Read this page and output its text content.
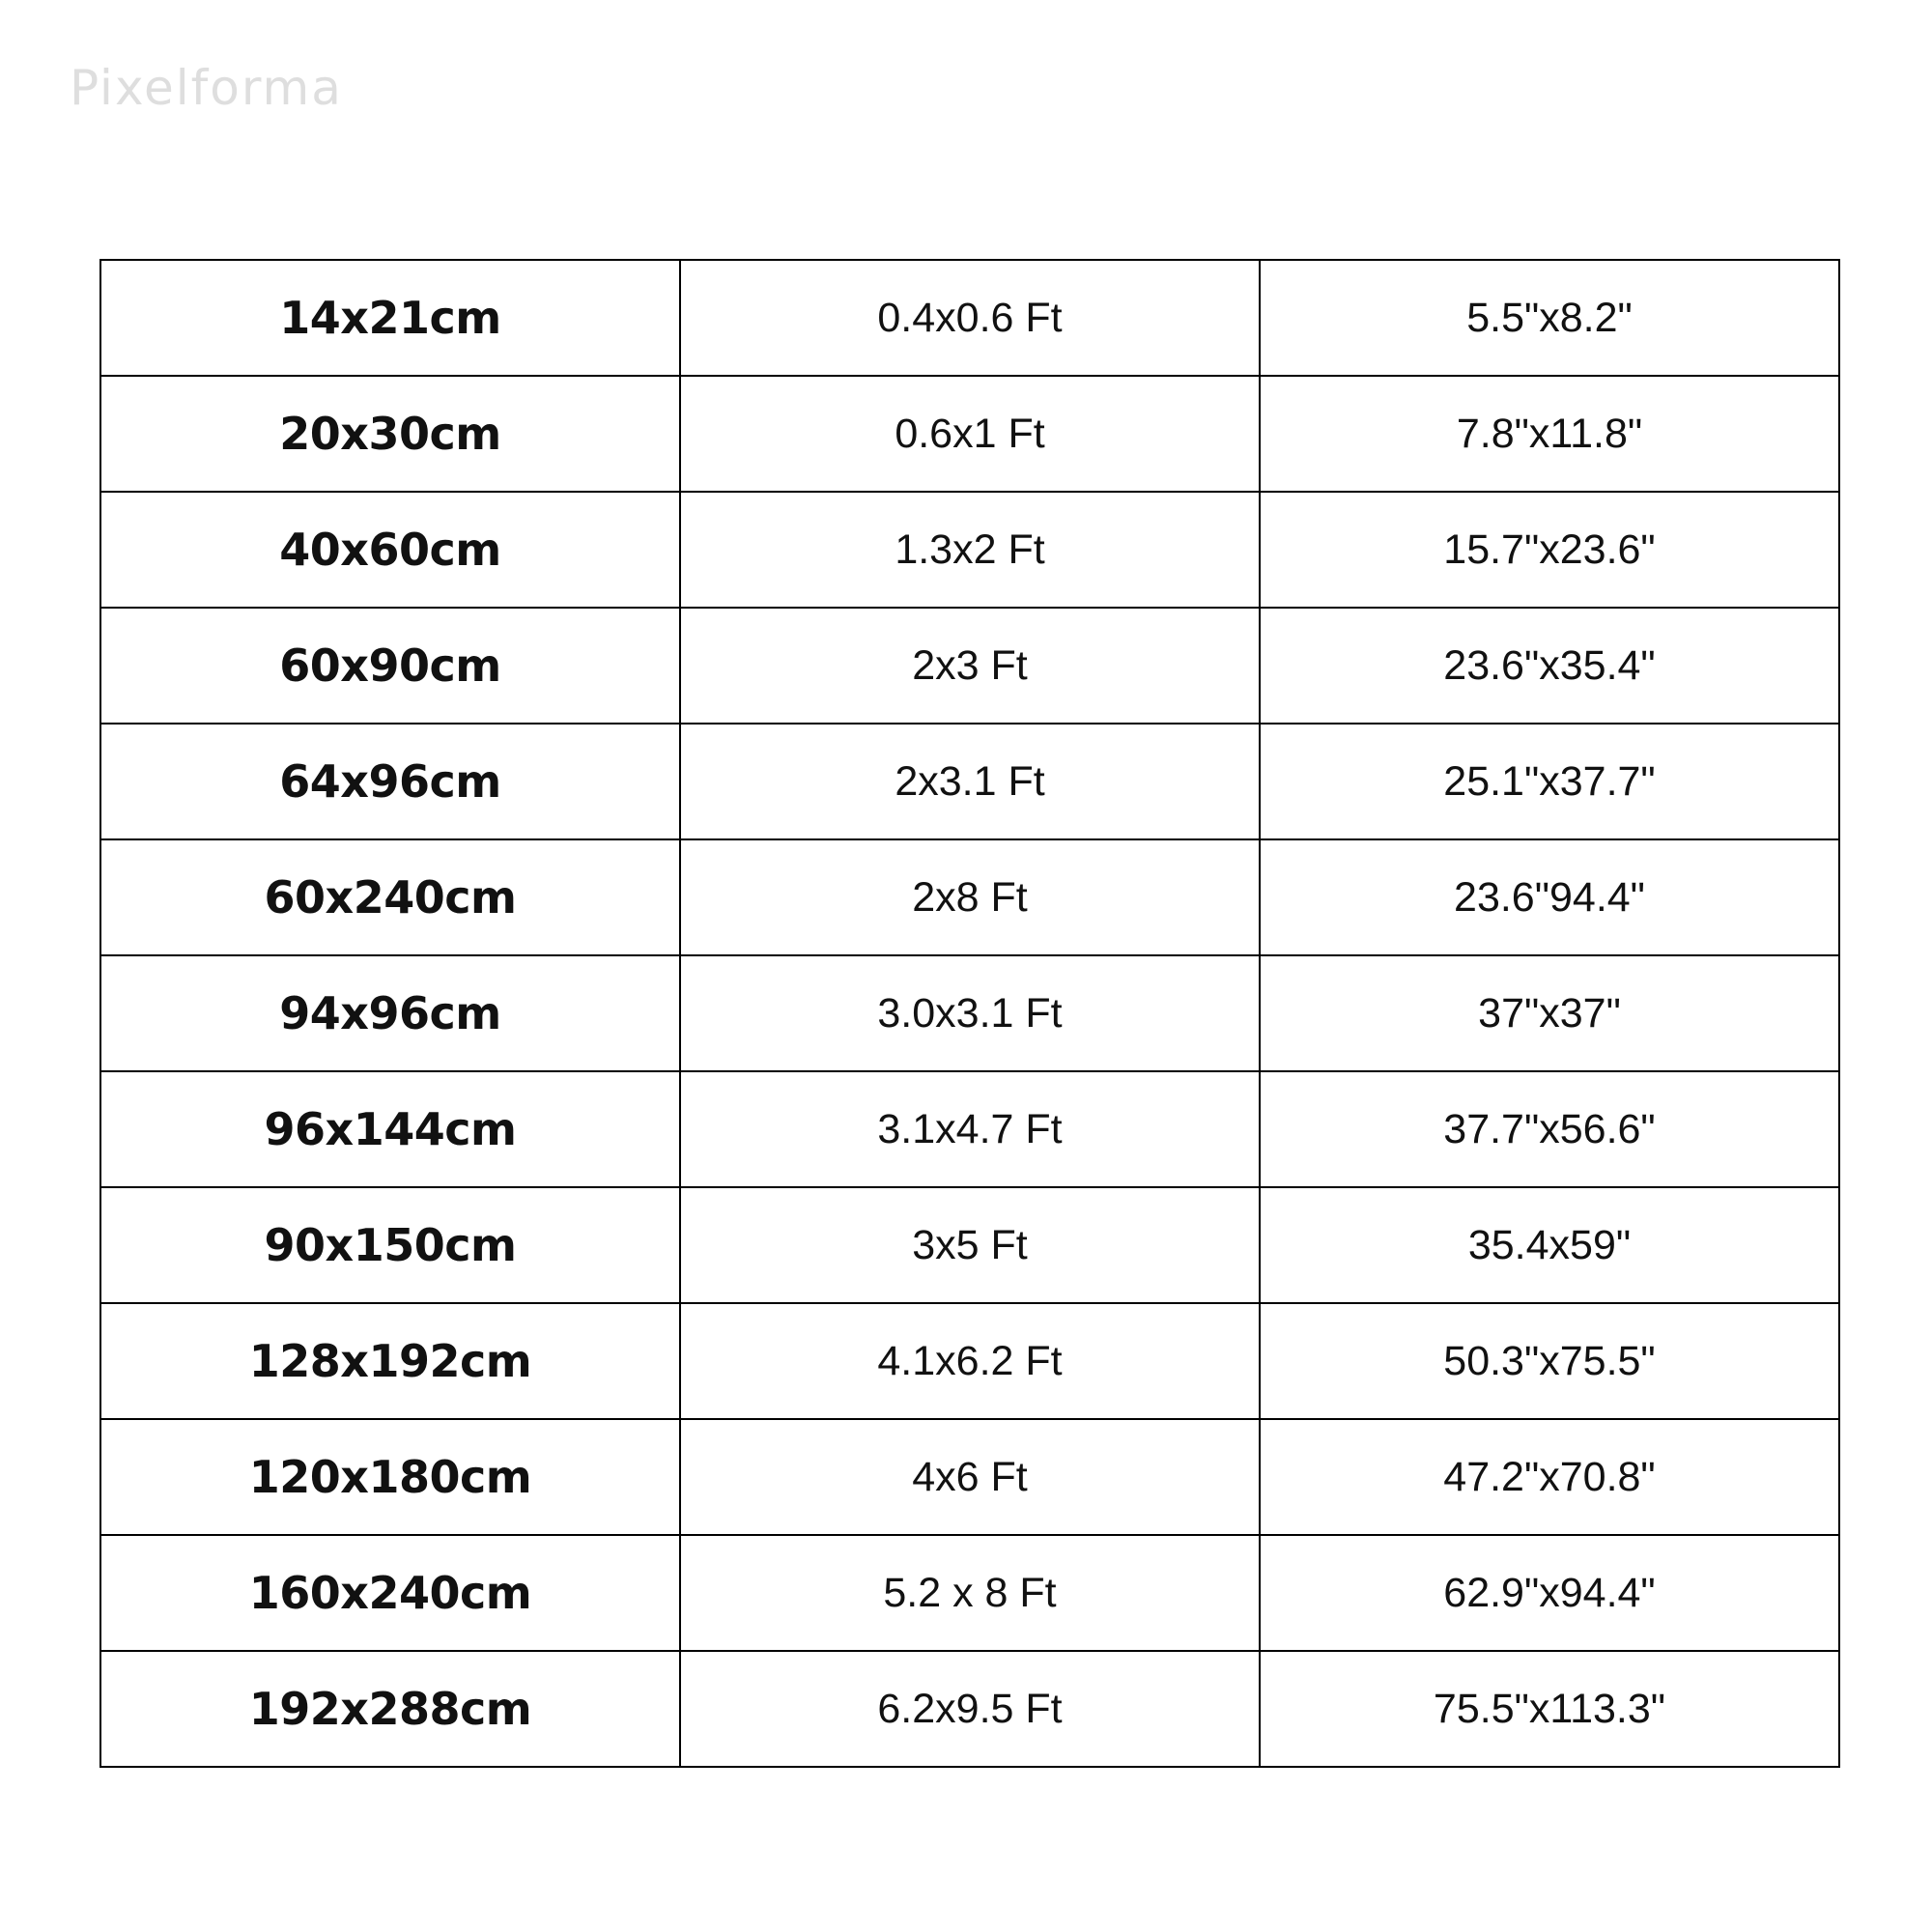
Pixelforma
14x21cm	0.4x0.6 Ft	5.5"x8.2"
20x30cm	0.6x1 Ft	7.8"x11.8"
40x60cm	1.3x2 Ft	15.7"x23.6"
60x90cm	2x3 Ft	23.6"x35.4"
64x96cm	2x3.1 Ft	25.1"x37.7"
60x240cm	2x8 Ft	23.6"94.4"
94x96cm	3.0x3.1 Ft	37"x37"
96x144cm	3.1x4.7 Ft	37.7"x56.6"
90x150cm	3x5 Ft	35.4x59"
128x192cm	4.1x6.2 Ft	50.3"x75.5"
120x180cm	4x6 Ft	47.2"x70.8"
160x240cm	5.2 x 8 Ft	62.9"x94.4"
192x288cm	6.2x9.5 Ft	75.5"x113.3"
